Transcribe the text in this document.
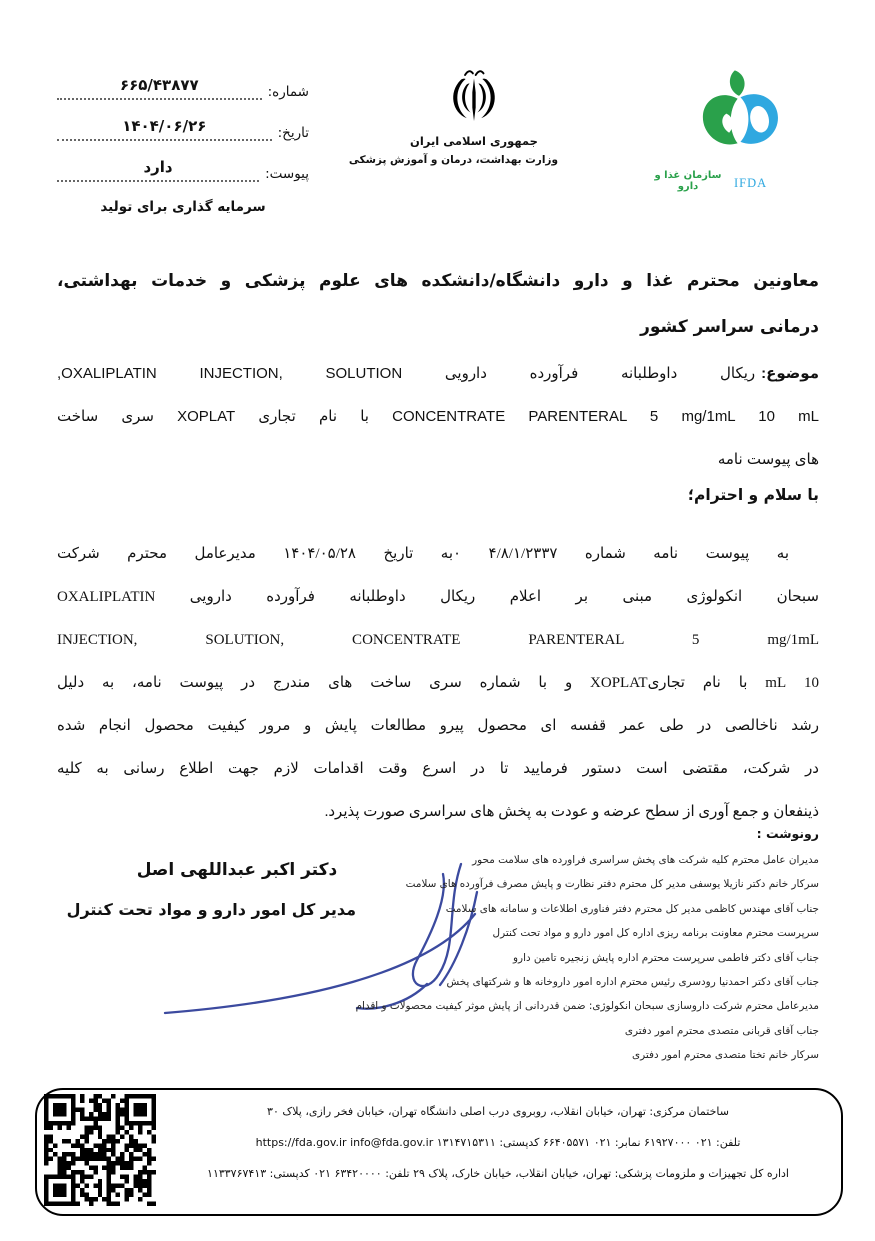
شماره:
۶۶۵/۴۳۸۷۷
تاریخ:
۱۴۰۴/۰۶/۲۶
پیوست:
دارد
سرمایه گذاری برای تولید
جمهوری اسلامی ایران
وزارت بهداشت، درمان و آموزش پزشکی
سازمان غذا و دارو	IFDA
معاونین محترم غذا و دارو دانشگاه/دانشکده های علوم پزشکی و خدمات بهداشتی،
درمانی سراسر کشور
موضوع:ریکال داوطلبانه فرآورده دارویی OXALIPLATIN INJECTION, SOLUTION,
CONCENTRATE PARENTERAL 5 mg/1mL 10 mL با نام تجاری XOPLAT سری ساخت
های پیوست نامه
با سلام و احترام؛
به پیوست نامه شماره ۴/۸/۱/۲۳۳۷ ۰به تاریخ ۱۴۰۴/۰۵/۲۸ مدیرعامل محترم شرکت
سبحان انکولوژی مبنی بر اعلام ریکال داوطلبانه فرآورده دارویی OXALIPLATIN
INJECTION, SOLUTION, CONCENTRATE PARENTERAL 5 mg/1mL
10 mL با نام تجاریXOPLAT و با شماره سری ساخت های مندرج در پیوست نامه، به دلیل
رشد ناخالصی در طی عمر قفسه ای محصول پیرو مطالعات پایش و مرور کیفیت محصول انجام شده
در شرکت، مقتضی است دستور فرمایید تا در اسرع وقت اقدامات لازم جهت اطلاع رسانی به کلیه
ذینفعان و جمع آوری از سطح عرضه و عودت به پخش های سراسری صورت پذیرد.
دکتر اکبر عبداللهی اصل
مدیر کل امور دارو و مواد تحت کنترل
رونوشت :
مدیران عامل محترم کلیه شرکت های پخش سراسری فراورده های سلامت محور
سرکار خانم دکتر نازیلا یوسفی مدیر کل محترم دفتر نظارت و پایش مصرف فرآورده های سلامت
جناب آقای مهندس کاظمی مدیر کل محترم دفتر فناوری اطلاعات و سامانه های سلامت
سرپرست محترم معاونت برنامه ریزی اداره کل امور دارو و مواد تحت کنترل
جناب آقای دکتر فاطمی سرپرست محترم اداره پایش زنجیره تامین دارو
جناب آقای دکتر احمدنیا رودسری رئیس محترم اداره امور داروخانه ها و شرکتهای پخش
مدیرعامل محترم شرکت داروسازی سبحان انکولوژی: ضمن قدردانی از پایش موثر کیفیت محصولات و اقدام
جناب آقای قربانی متصدی محترم امور دفتری
سرکار خانم تختا متصدی محترم امور دفتری
ساختمان مرکزی: تهران، خیابان انقلاب، روبروی درب اصلی دانشگاه تهران، خیابان فخر رازی، پلاک ۳۰
تلفن: ۰۲۱ ۶۱۹۲۷۰۰۰ نمابر: ۰۲۱ ۶۶۴۰۵۵۷۱ کدپستی: ۱۳۱۴۷۱۵۳۱۱ https://fda.gov.ir info@fda.gov.ir
اداره کل تجهیزات و ملزومات پزشکی: تهران، خیابان انقلاب، خیابان خارک، پلاک ۲۹ تلفن: ۶۳۴۲۰۰۰۰ ۰۲۱ کدپستی: ۱۱۳۳۷۶۷۴۱۳
